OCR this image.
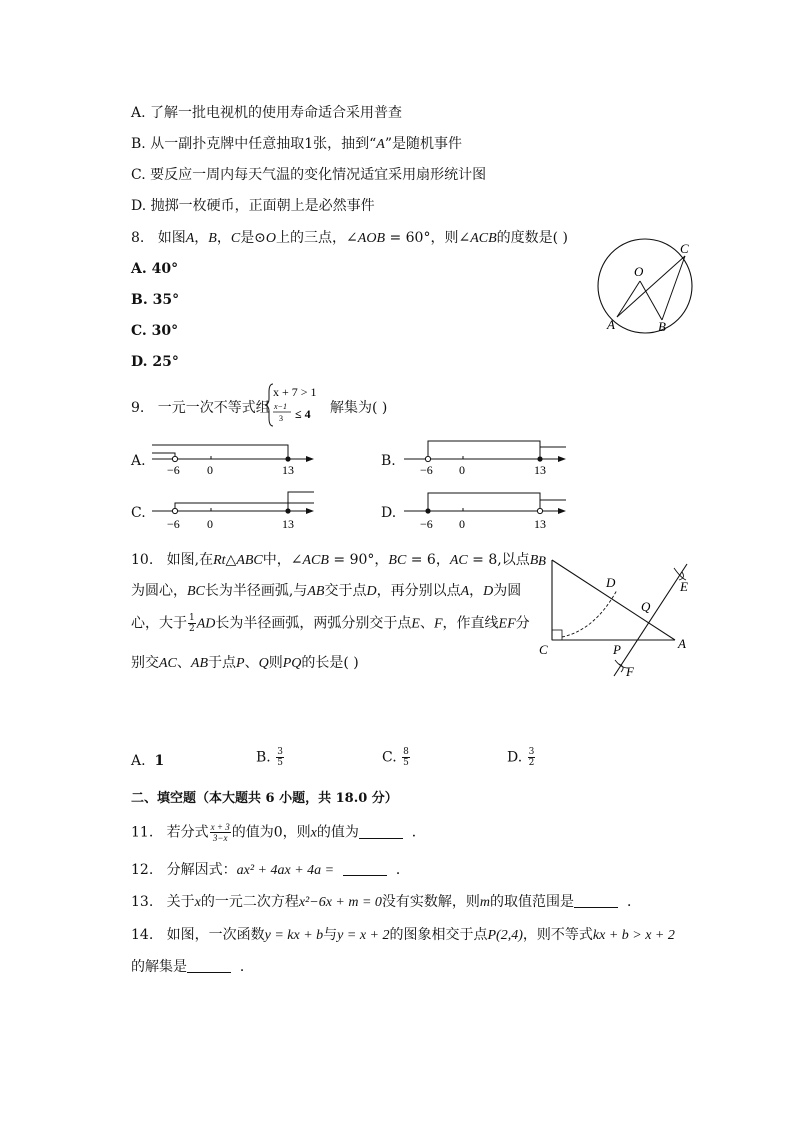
A. 了解一批电视机的使用寿命适合采用普查
B. 从一副扑克牌中任意抽取1张，抽到“A”是随机事件
C. 要反应一周内每天气温的变化情况适宜采用扇形统计图
D. 抛掷一枚硬币，正面朝上是必然事件
8. 如图A，B，C是⊙O上的三点，∠AOB = 60°，则∠ACB的度数是( )
A. 40°
B. 35°
C. 30°
D. 25°
O
C
A	B
9. 一元一次不等式组
x + 7 > 1
x−1
3 ≤ 4 解集为( )
A.
−6 0	13
B.
−6 0	13
C.
−6 0	13
D.
−6 0	13
10. 如图,在Rt△ABC中，∠ACB = 90°，BC = 6，AC = 8,以点B
为圆心，BC长为半径画弧,与AB交于点D，再分别以点A，D为圆
心，大于 $\frac{1}{2}$ AD长为半径画弧，两弧分别交于点E、F，作直线EF分
别交AC、AB于点P、Q则PQ的长是( )
B
C	A
D	E
Q
P
F
A. 1	B. $\frac{3}{5}$	C. $\frac{8}{5}$	D. $\frac{3}{2}$
二、填空题（本大题共 6 小题，共 18.0 分）
11. 若分式 $\frac{x + 3}{3-x}$ 的值为0，则x的值为	．
12. 分解因式：ax² + 4ax + 4a =	．
13. 关于x的一元二次方程x²−6x + m = 0没有实数解，则m的取值范围是	．
14. 如图，一次函数y = kx + b与y = x + 2的图象相交于点P(2,4)，则不等式kx + b > x + 2
的解集是	．
